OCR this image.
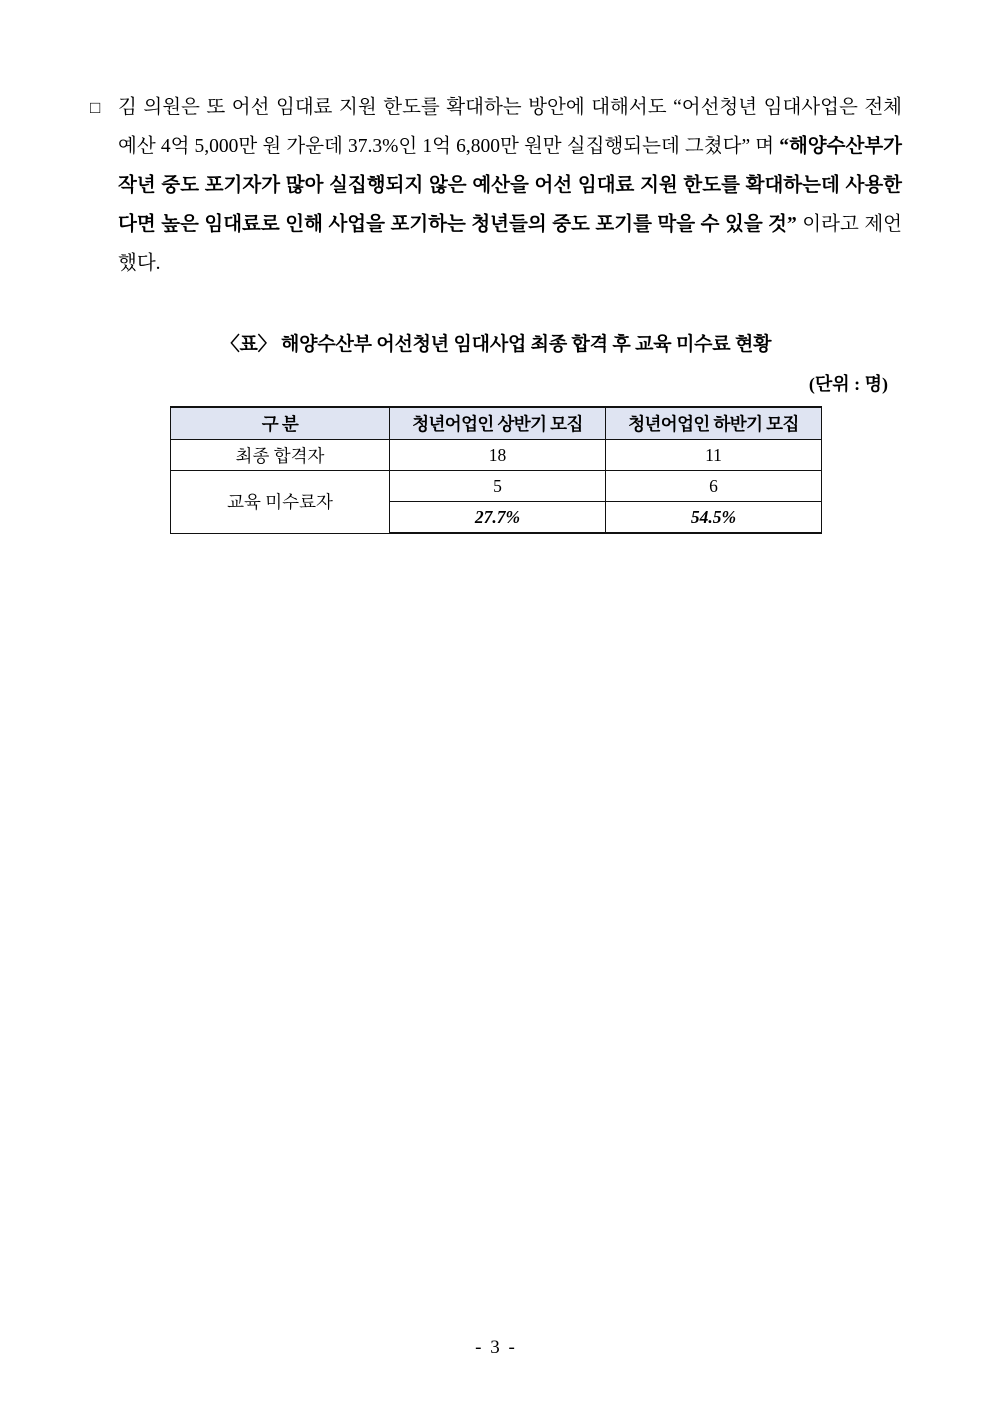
□ 김 의원은 또 어선 임대료 지원 한도를 확대하는 방안에 대해서도 “어선청년 임대사업은 전체 예산 4억 5,000만 원 가운데 37.3%인 1억 6,800만 원만 실집행되는데 그쳤다” 며 “해양수산부가 작년 중도 포기자가 많아 실집행되지 않은 예산을 어선 임대료 지원 한도를 확대하는데 사용한다면 높은 임대료로 인해 사업을 포기하는 청년들의 중도 포기를 막을 수 있을 것” 이라고 제언했다.
〈표〉 해양수산부 어선청년 임대사업 최종 합격 후 교육 미수료 현황
(단위 : 명)
구 분	청년어업인 상반기 모집	청년어업인 하반기 모집
최종 합격자	18	11
교육 미수료자	5	6
	27.7%	54.5%
- 3 -
